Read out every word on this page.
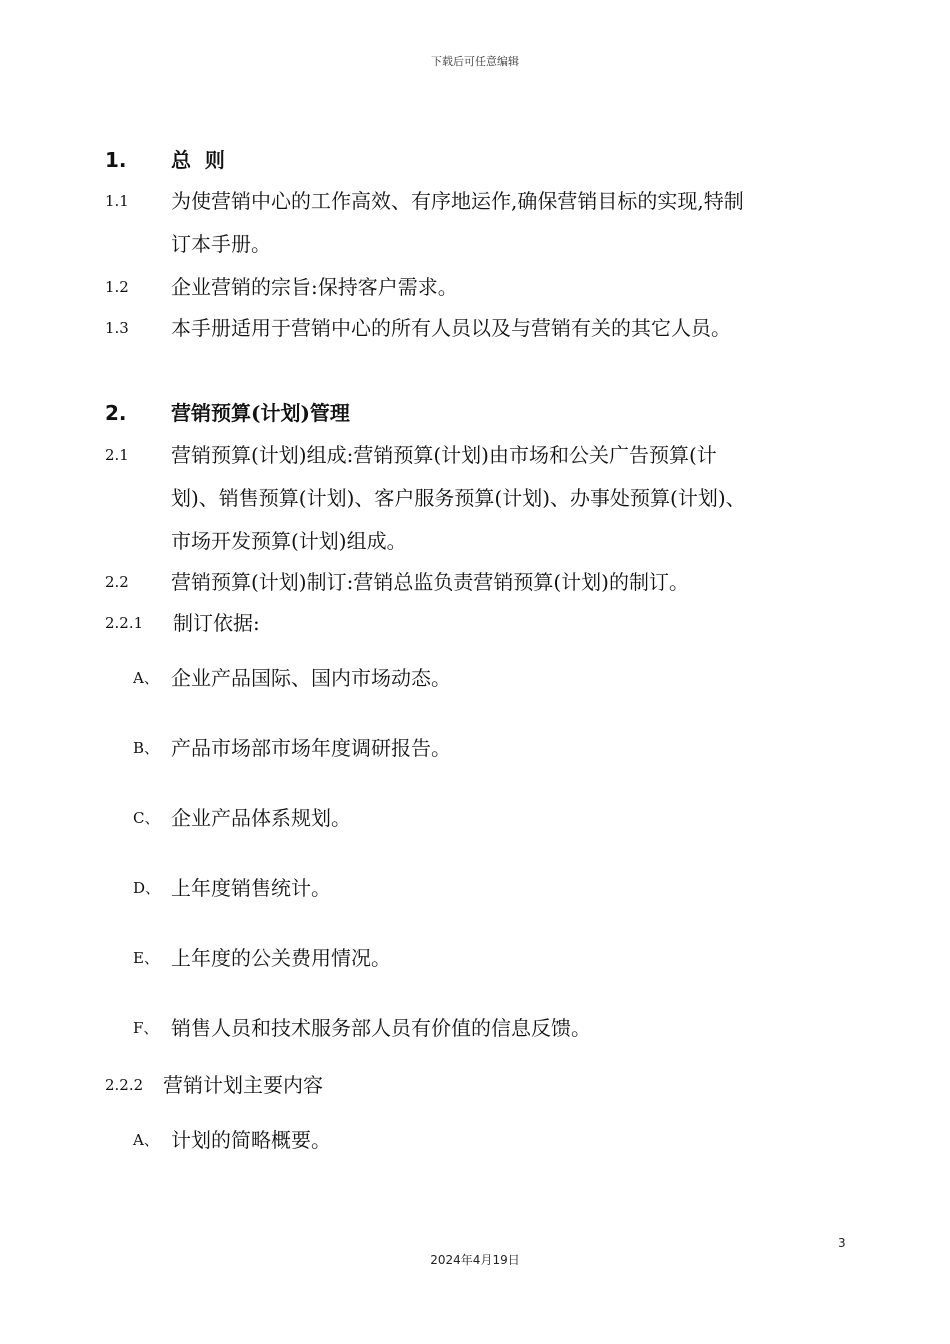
下载后可任意编辑
1. 总  则
1.1 为使营销中心的工作高效、有序地运作,确保营销目标的实现,特制
订本手册。
1.2 企业营销的宗旨:保持客户需求。
1.3 本手册适用于营销中心的所有人员以及与营销有关的其它人员。
2. 营销预算(计划)管理
2.1 营销预算(计划)组成:营销预算(计划)由市场和公关广告预算(计
划)、销售预算(计划)、客户服务预算(计划)、办事处预算(计划)、
市场开发预算(计划)组成。
2.2 营销预算(计划)制订:营销总监负责营销预算(计划)的制订。
2.2.1 制订依据:
A、 企业产品国际、国内市场动态。
B、 产品市场部市场年度调研报告。
C、 企业产品体系规划。
D、 上年度销售统计。
E、 上年度的公关费用情况。
F、 销售人员和技术服务部人员有价值的信息反馈。
2.2.2 营销计划主要内容
A、 计划的简略概要。
3
2024年4月19日
